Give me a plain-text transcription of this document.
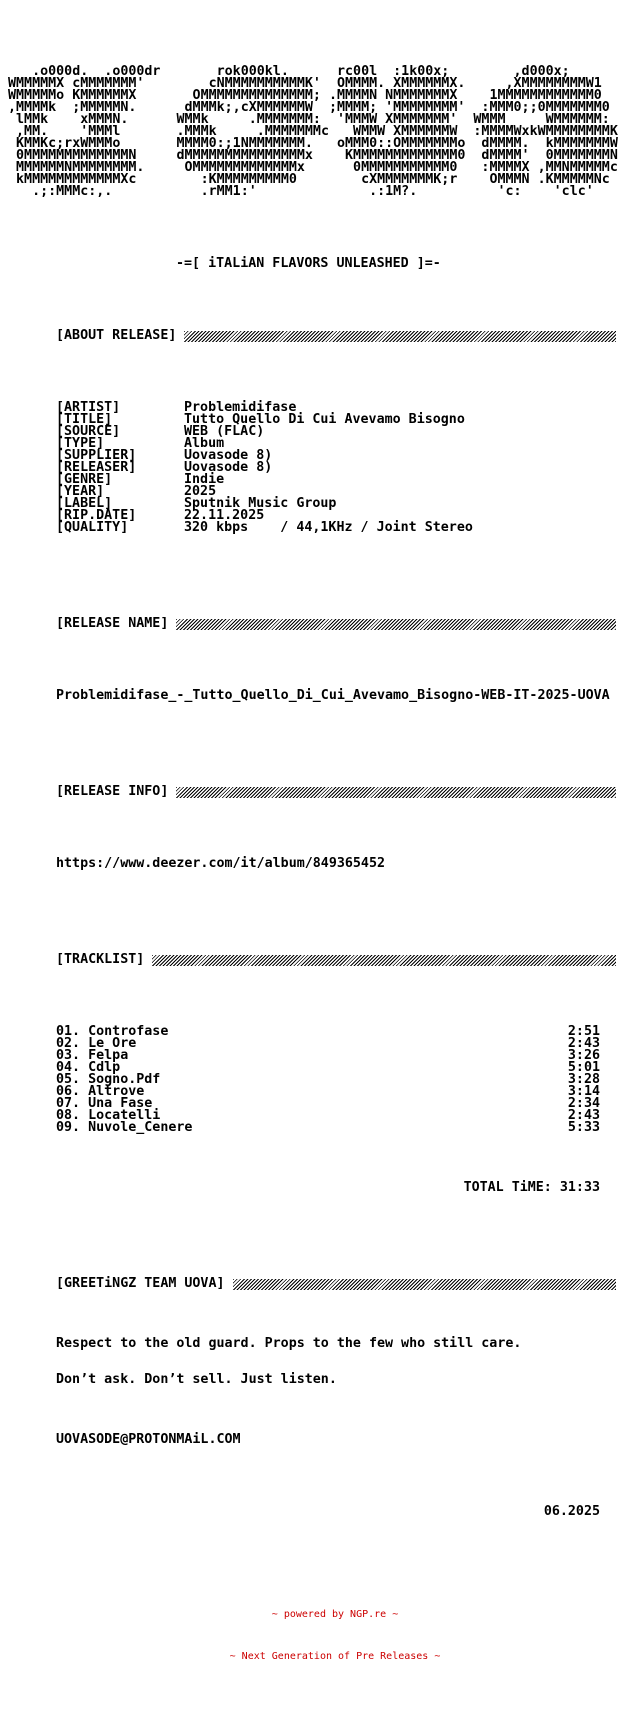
.o000d.  .o000dr       rok000kl.      rc00l  :1k00x;        ,d000x;
WMMMMMX cMMMMMMM'        cNMMMMMMMMMMK'  OMMMM. XMMMMMMX.     ,XMMMMMMMMW1
WMMMMMo KMMMMMMX       OMMMMMMMMMMMMMM; .MMMMN NMMMMMMMX    1MMMMMMMMMMMM0
,MMMMk  ;MMMMMN.      dMMMk;,cXMMMMMMW  ;MMMM; 'MMMMMMMM'  :MMM0;;0MMMMMMM0
lMMk    xMMMN.      WMMk     .MMMMMMM:  'MMMW XMMMMMMM'  WMMM     WMMMMMM:
,MM.    'MMMl       .MMMk     .MMMMMMMc   WMMW XMMMMMMW  :MMMMWxkWMMMMMMMMK
KMMKc;rxWMMMo       MMMM0:;1NMMMMMMM.   oMMM0::OMMMMMMMo  dMMMM.  kMMMMMMMW
0MMMMMMMMMMMMMN     dMMMMMMMMMMMMMMMx    KMMMMMMMMMMMMM0  dMMMM'  0MMMMMMMN
MMMMMMNMMMMMMMM.     OMMMMMMMMMMMMMx      0MMMMMMMMMMM0   :MMMMX ,MMNMMMMMc
kMMMMMMMMMMMMXc        :KMMMMMMMMM0        cXMMMMMMMK;r    OMMMN .KMMMMMNc
.;:MMMc:,.           .rMM1:'              .:1M?.          'c:    'clc'

-=[ iTALiAN FLAVORS UNLEASHED ]=-

[ABOUT RELEASE]

[ARTIST]	Problemidifase
[TITLE]	Tutto Quello Di Cui Avevamo Bisogno
[SOURCE]	WEB (FLAC)
[TYPE]	Album
[SUPPLIER]	Uovasode 8)
[RELEASER]	Uovasode 8)
[GENRE]	Indie
[YEAR]	2025
[LABEL]	Sputnik Music Group
[RIP.DATE]	22.11.2025
[QUALITY]	320 kbps    / 44,1KHz / Joint Stereo

[RELEASE NAME]

Problemidifase_-_Tutto_Quello_Di_Cui_Avevamo_Bisogno-WEB-IT-2025-UOVA

[RELEASE INFO]

https://www.deezer.com/it/album/849365452

[TRACKLIST]

01. Controfase	2:51
02. Le Ore	2:43
03. Felpa	3:26
04. Cdlp	5:01
05. Sogno.Pdf	3:28
06. Altrove	3:14
07. Una Fase	2:34
08. Locatelli	2:43
09. Nuvole_Cenere	5:33

TOTAL TiME: 31:33

[GREETiNGZ TEAM UOVA]

Respect to the old guard. Props to the few who still care.

Don’t ask. Don’t sell. Just listen.

UOVASODE@PROTONMAiL.COM

06.2025

~ powered by NGP.re ~

~ Next Generation of Pre Releases ~
